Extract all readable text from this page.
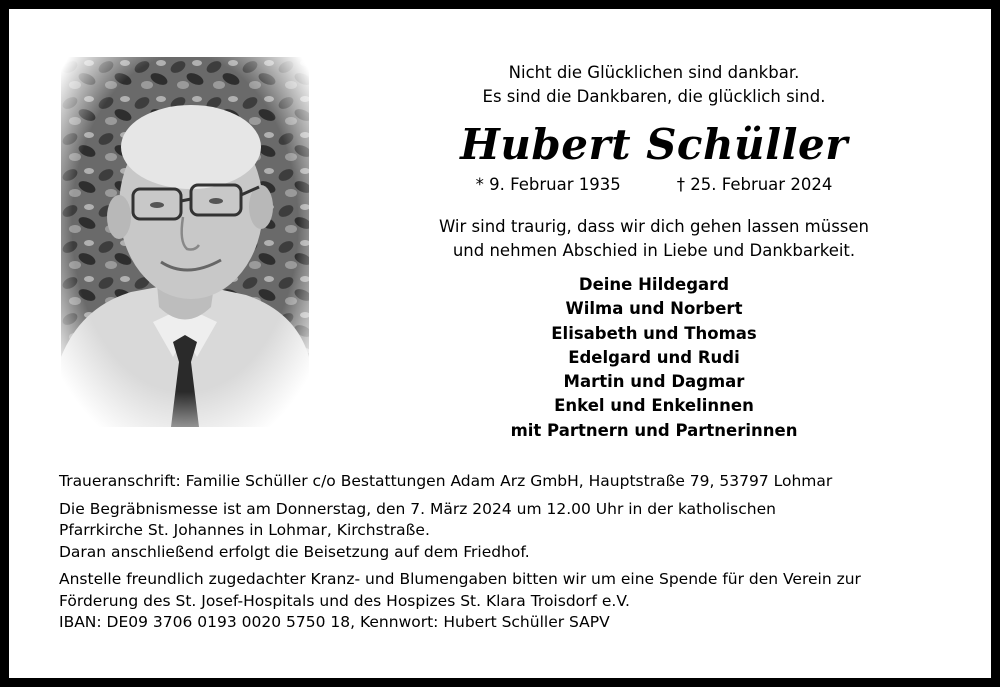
Nicht die Glücklichen sind dankbar.
Es sind die Dankbaren, die glücklich sind.
Hubert Schüller
* 9. Februar 1935	† 25. Februar 2024
Wir sind traurig, dass wir dich gehen lassen müssen
und nehmen Abschied in Liebe und Dankbarkeit.
Deine Hildegard
Wilma und Norbert
Elisabeth und Thomas
Edelgard und Rudi
Martin und Dagmar
Enkel und Enkelinnen
mit Partnern und Partnerinnen

Traueranschrift: Familie Schüller c/o Bestattungen Adam Arz GmbH, Hauptstraße 79, 53797 Lohmar

Die Begräbnismesse ist am Donnerstag, den 7. März 2024 um 12.00 Uhr in der katholischen
Pfarrkirche St. Johannes in Lohmar, Kirchstraße.
Daran anschließend erfolgt die Beisetzung auf dem Friedhof.

Anstelle freundlich zugedachter Kranz- und Blumengaben bitten wir um eine Spende für den Verein zur
Förderung des St. Josef-Hospitals und des Hospizes St. Klara Troisdorf e.V.
IBAN: DE09 3706 0193 0020 5750 18, Kennwort: Hubert Schüller SAPV
